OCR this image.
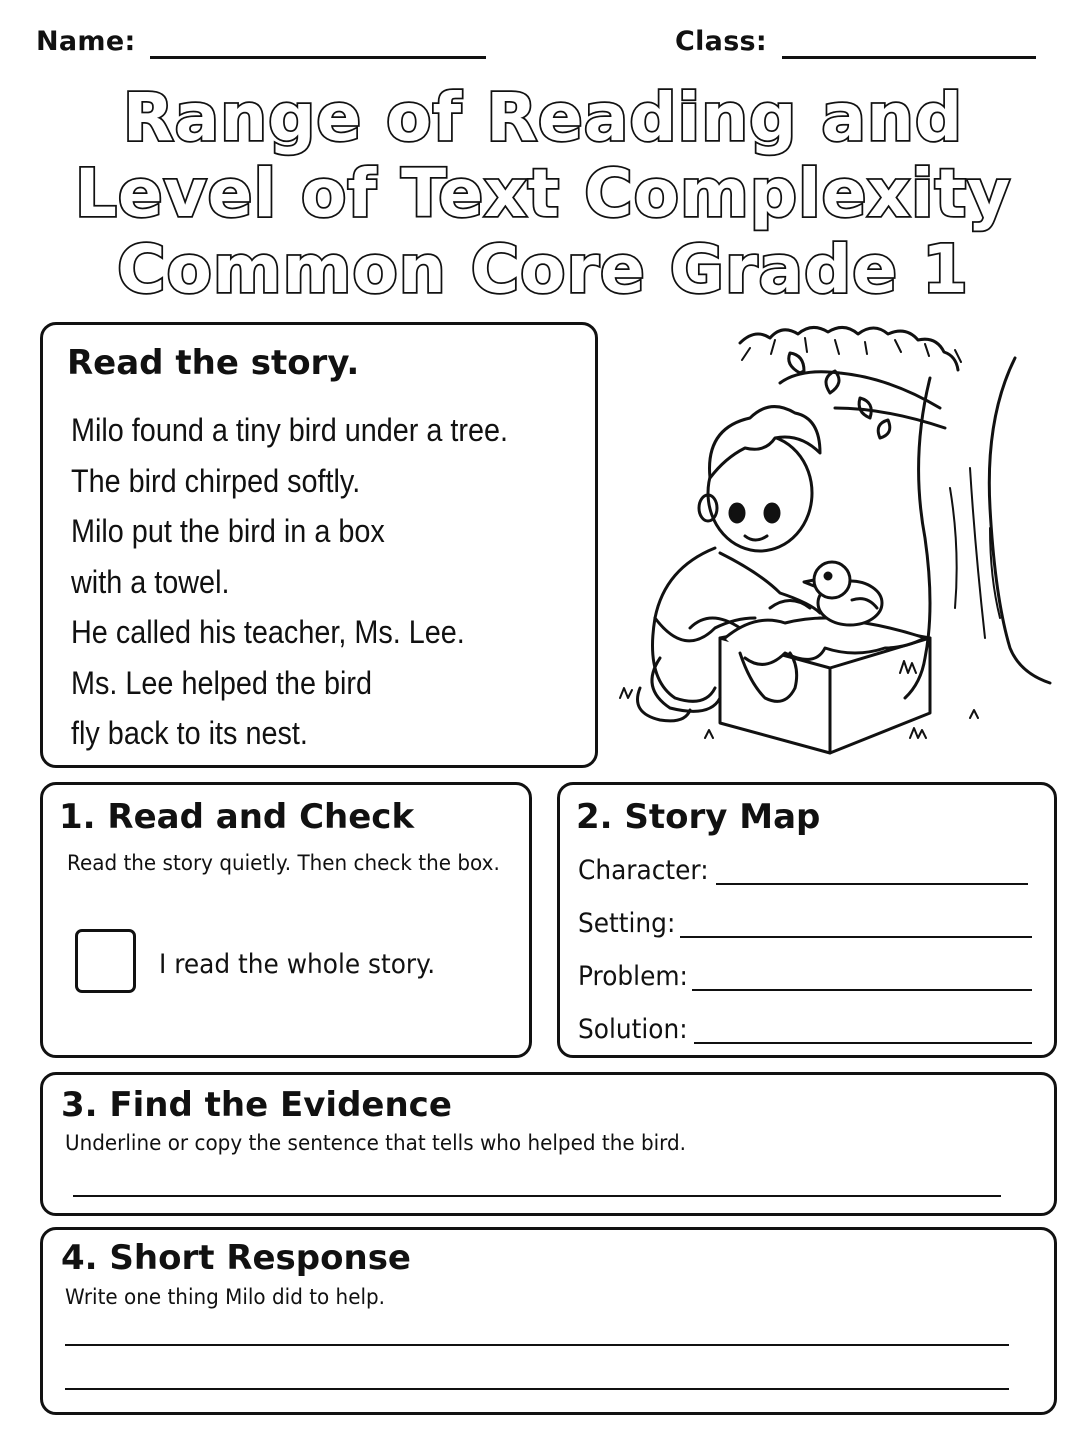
Name:	Class:
Range of Reading and
Level of Text Complexity
Common Core Grade 1
Read the story.
Milo found a tiny bird under a tree.
The bird chirped softly.
Milo put the bird in a box
with a towel.
He called his teacher, Ms. Lee.
Ms. Lee helped the bird
fly back to its nest.
1. Read and Check
Read the story quietly. Then check the box.
I read the whole story.
2. Story Map
Character:
Setting:
Problem:
Solution:
3. Find the Evidence
Underline or copy the sentence that tells who helped the bird.
4. Short Response
Write one thing Milo did to help.
